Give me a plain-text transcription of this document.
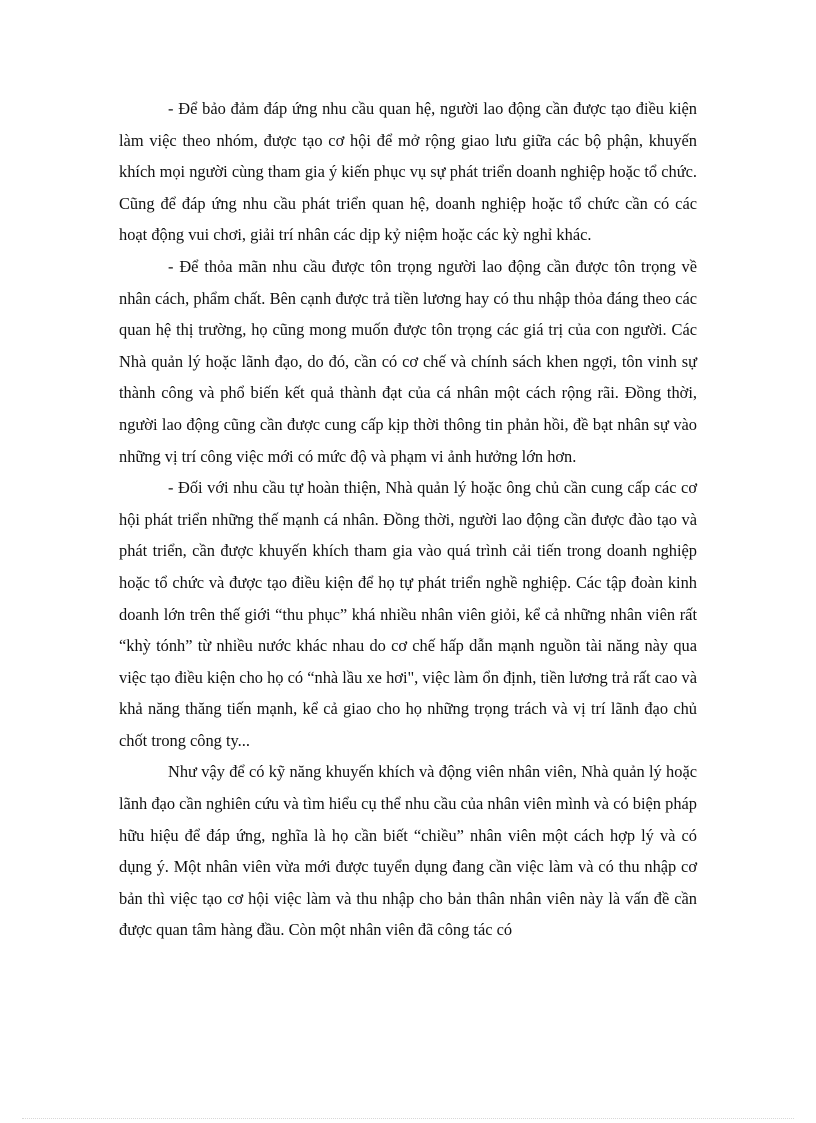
- Để bảo đảm đáp ứng nhu cầu quan hệ, người lao động cần được tạo điều kiện làm việc theo nhóm, được tạo cơ hội để mở rộng giao lưu giữa các bộ phận, khuyến khích mọi người cùng tham gia ý kiến phục vụ sự phát triển doanh nghiệp hoặc tổ chức. Cũng để đáp ứng nhu cầu phát triển quan hệ, doanh nghiệp hoặc tổ chức cần có các hoạt động vui chơi, giải trí nhân các dịp kỷ niệm hoặc các kỳ nghỉ khác.

- Để thỏa mãn nhu cầu được tôn trọng người lao động cần được tôn trọng về nhân cách, phẩm chất. Bên cạnh được trả tiền lương hay có thu nhập thỏa đáng theo các quan hệ thị trường, họ cũng mong muốn được tôn trọng các giá trị của con người. Các Nhà quản lý hoặc lãnh đạo, do đó, cần có cơ chế và chính sách khen ngợi, tôn vinh sự thành công và phổ biến kết quả thành đạt của cá nhân một cách rộng rãi. Đồng thời, người lao động cũng cần được cung cấp kịp thời thông tin phản hồi, đề bạt nhân sự vào những vị trí công việc mới có mức độ và phạm vi ảnh hưởng lớn hơn.

- Đối với nhu cầu tự hoàn thiện, Nhà quản lý hoặc ông chủ cần cung cấp các cơ hội phát triển những thế mạnh cá nhân. Đồng thời, người lao động cần được đào tạo và phát triển, cần được khuyến khích tham gia vào quá trình cải tiến trong doanh nghiệp hoặc tổ chức và được tạo điều kiện để họ tự phát triển nghề nghiệp. Các tập đoàn kinh doanh lớn trên thế giới “thu phục” khá nhiều nhân viên giỏi, kể cả những nhân viên rất “khỳ tónh” từ nhiều nước khác nhau do cơ chế hấp dẫn mạnh nguồn tài năng này qua việc tạo điều kiện cho họ có “nhà lầu xe hơi", việc làm ổn định, tiền lương trả rất cao và khả năng thăng tiến mạnh, kể cả giao cho họ những trọng trách và vị trí lãnh đạo chủ chốt trong công ty...

Như vậy để có kỹ năng khuyến khích và động viên nhân viên, Nhà quản lý hoặc lãnh đạo cần nghiên cứu và tìm hiểu cụ thể nhu cầu của nhân viên mình và có biện pháp hữu hiệu để đáp ứng, nghĩa là họ cần biết “chiều” nhân viên một cách hợp lý và có dụng ý. Một nhân viên vừa mới được tuyển dụng đang cần việc làm và có thu nhập cơ bản thì việc tạo cơ hội việc làm và thu nhập cho bản thân nhân viên này là vấn đề cần được quan tâm hàng đầu. Còn một nhân viên đã công tác có
